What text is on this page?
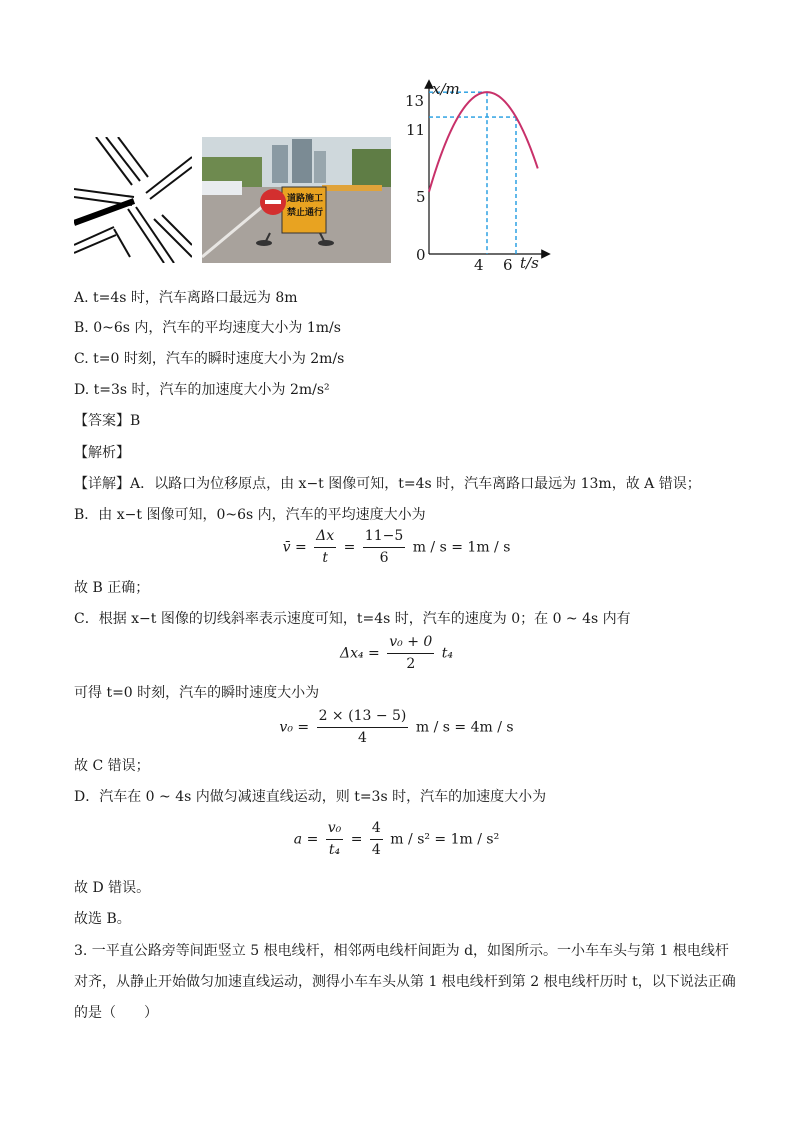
道路施工
禁止通行
x/m
t/s
13
11
5
0
4 6
A. t=4s 时，汽车离路口最远为 8m
B. 0~6s 内，汽车的平均速度大小为 1m/s
C. t=0 时刻，汽车的瞬时速度大小为 2m/s
D. t=3s 时，汽车的加速度大小为 2m/s²
【答案】B
【解析】
【详解】A．以路口为位移原点，由 x−t 图像可知，t=4s 时，汽车离路口最远为 13m，故 A 错误；
B．由 x−t 图像可知，0~6s 内，汽车的平均速度大小为
v̄ = $\frac{\Delta x}{t} = \frac{11-5}{6}$ m / s = 1m / s
故 B 正确；
C．根据 x−t 图像的切线斜率表示速度可知，t=4s 时，汽车的速度为 0；在 0 ~ 4s 内有
$\Delta x_4 = \frac{\text{v₀ + 0}}{2} t_4$
可得 t=0 时刻，汽车的瞬时速度大小为
$v_0 = \frac{2 \times (13 - 5)}{4}$ m / s = 4m / s
故 C 错误；
D．汽车在 0 ~ 4s 内做匀减速直线运动，则 t=3s 时，汽车的加速度大小为
$a = \frac{\text{v₀}}{\text{t₄}} = \frac{4}{4}$ m / s² = 1m / s²
故 D 错误。
故选 B。
3. 一平直公路旁等间距竖立 5 根电线杆，相邻两电线杆间距为 d，如图所示。一小车车头与第 1 根电线杆
对齐，从静止开始做匀加速直线运动，测得小车车头从第 1 根电线杆到第 2 根电线杆历时 t，以下说法正确
的是（　　）
